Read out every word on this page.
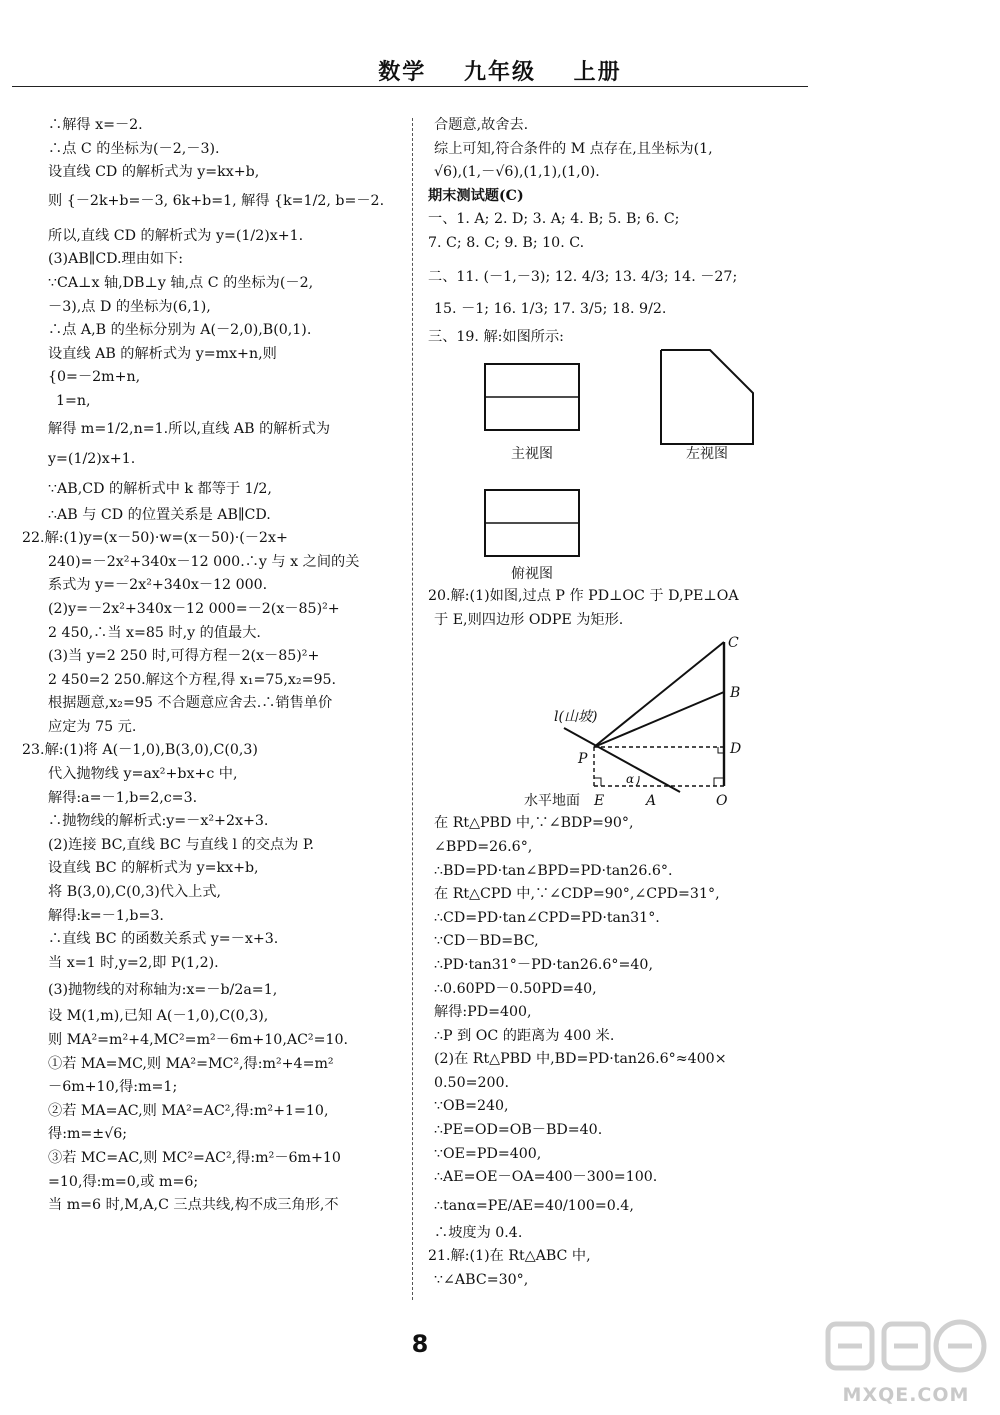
数学 九年级 上册
∴解得 x=－2.
∴点 C 的坐标为(－2,－3).
设直线 CD 的解析式为 y=kx+b,
则 {－2k+b=－3, 6k+b=1, 解得 {k=1/2, b=－2.
所以,直线 CD 的解析式为 y=(1/2)x+1.
(3)AB∥CD.理由如下:
∵CA⊥x 轴,DB⊥y 轴,点 C 的坐标为(－2,
－3),点 D 的坐标为(6,1),
∴点 A,B 的坐标分别为 A(－2,0),B(0,1).
设直线 AB 的解析式为 y=mx+n,则
{0=－2m+n,
1=n,
解得 m=1/2,n=1.所以,直线 AB 的解析式为
y=(1/2)x+1.
∵AB,CD 的解析式中 k 都等于 1/2,
∴AB 与 CD 的位置关系是 AB∥CD.
22.解:(1)y=(x－50)·w=(x－50)·(－2x+
240)=－2x²+340x－12 000.∴y 与 x 之间的关
系式为 y=－2x²+340x－12 000.
(2)y=－2x²+340x－12 000=－2(x－85)²+
2 450,∴当 x=85 时,y 的值最大.
(3)当 y=2 250 时,可得方程－2(x－85)²+
2 450=2 250.解这个方程,得 x₁=75,x₂=95.
根据题意,x₂=95 不合题意应舍去.∴销售单价
应定为 75 元.
23.解:(1)将 A(－1,0),B(3,0),C(0,3)
代入抛物线 y=ax²+bx+c 中,
解得:a=－1,b=2,c=3.
∴抛物线的解析式:y=－x²+2x+3.
(2)连接 BC,直线 BC 与直线 l 的交点为 P.
设直线 BC 的解析式为 y=kx+b,
将 B(3,0),C(0,3)代入上式,
解得:k=－1,b=3.
∴直线 BC 的函数关系式 y=－x+3.
当 x=1 时,y=2,即 P(1,2).
(3)抛物线的对称轴为:x=－b/2a=1,
设 M(1,m),已知 A(－1,0),C(0,3),
则 MA²=m²+4,MC²=m²－6m+10,AC²=10.
①若 MA=MC,则 MA²=MC²,得:m²+4=m²
－6m+10,得:m=1;
②若 MA=AC,则 MA²=AC²,得:m²+1=10,
得:m=±√6;
③若 MC=AC,则 MC²=AC²,得:m²－6m+10
=10,得:m=0,或 m=6;
当 m=6 时,M,A,C 三点共线,构不成三角形,不
合题意,故舍去.
综上可知,符合条件的 M 点存在,且坐标为(1,
√6),(1,－√6),(1,1),(1,0).
期末测试题(C)
一、1. A; 2. D; 3. A; 4. B; 5. B; 6. C;
7. C; 8. C; 9. B; 10. C.
二、11. (－1,－3); 12. 4/3; 13. 4/3; 14. －27;
15. －1; 16. 1/3; 17. 3/5; 18. 9/2.
三、19. 解:如图所示:
主视图	左视图
俯视图
20.解:(1)如图,过点 P 作 PD⊥OC 于 D,PE⊥OA
于 E,则四边形 ODPE 为矩形.
C
B
D
P
α
l(山坡)
水平地面 E	A	O
在 Rt△PBD 中,∵∠BDP=90°,
∠BPD=26.6°,
∴BD=PD·tan∠BPD=PD·tan26.6°.
在 Rt△CPD 中,∵∠CDP=90°,∠CPD=31°,
∴CD=PD·tan∠CPD=PD·tan31°.
∵CD－BD=BC,
∴PD·tan31°－PD·tan26.6°=40,
∴0.60PD－0.50PD=40,
解得:PD=400,
∴P 到 OC 的距离为 400 米.
(2)在 Rt△PBD 中,BD=PD·tan26.6°≈400×
0.50=200.
∵OB=240,
∴PE=OD=OB－BD=40.
∵OE=PD=400,
∴AE=OE－OA=400－300=100.
∴tanα=PE/AE=40/100=0.4,
∴坡度为 0.4.
21.解:(1)在 Rt△ABC 中,
∵∠ABC=30°,
8
MXQE.COM
